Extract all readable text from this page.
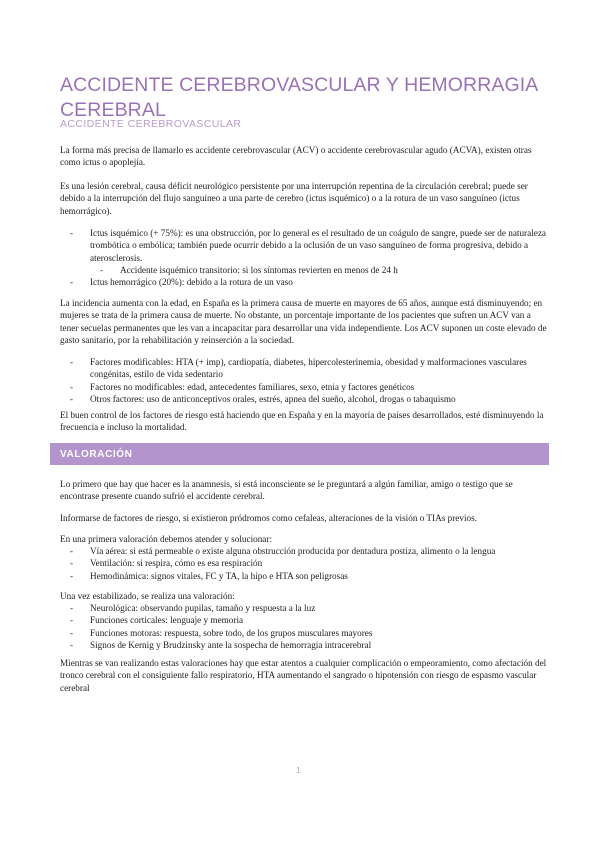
ACCIDENTE CEREBROVASCULAR Y HEMORRAGIA CEREBRAL
ACCIDENTE CEREBROVASCULAR

La forma más precisa de llamarlo es accidente cerebrovascular (ACV) o accidente cerebrovascular agudo (ACVA), existen otras como ictus o apoplejía.

Es una lesión cerebral, causa déficit neurológico persistente por una interrupción repentina de la circulación cerebral; puede ser debido a la interrupción del flujo sanguíneo a una parte de cerebro (ictus isquémico) o a la rotura de un vaso sanguíneo (ictus hemorrágico).

- Ictus isquémico (+ 75%): es una obstrucción, por lo general es el resultado de un coágulo de sangre, puede ser de naturaleza trombótica o embólica; también puede ocurrir debido a la oclusión de un vaso sanguíneo de forma progresiva, debido a aterosclerosis.
- Accidente isquémico transitorio: si los síntomas revierten en menos de 24 h
- Ictus hemorrágico (20%): debido a la rotura de un vaso

La incidencia aumenta con la edad, en España es la primera causa de muerte en mayores de 65 años, aunque está disminuyendo; en mujeres se trata de la primera causa de muerte. No obstante, un porcentaje importante de los pacientes que sufren un ACV van a tener secuelas permanentes que les van a incapacitar para desarrollar una vida independiente. Los ACV suponen un coste elevado de gasto sanitario, por la rehabilitación y reinserción a la sociedad.

- Factores modificables: HTA (+ imp), cardiopatía, diabetes, hipercolesterinemia, obesidad y malformaciones vasculares congénitas, estilo de vida sedentario
- Factores no modificables: edad, antecedentes familiares, sexo, etnia y factores genéticos
- Otros factores: uso de anticonceptivos orales, estrés, apnea del sueño, alcohol, drogas o tabaquismo

El buen control de los factores de riesgo está haciendo que en España y en la mayoría de países desarrollados, esté disminuyendo la frecuencia e incluso la mortalidad.

VALORACIÓN

Lo primero que hay que hacer es la anamnesis, si está inconsciente se le preguntará a algún familiar, amigo o testigo que se encontrase presente cuando sufrió el accidente cerebral.

Informarse de factores de riesgo, si existieron pródromos como cefaleas, alteraciones de la visión o TIAs previos.

En una primera valoración debemos atender y solucionar:

- Vía aérea: si está permeable o existe alguna obstrucción producida por dentadura postiza, alimento o la lengua
- Ventilación: si respira, cómo es esa respiración
- Hemodinámica: signos vitales, FC y TA, la hipo e HTA son peligrosas

Una vez estabilizado, se realiza una valoración:

- Neurológica: observando pupilas, tamaño y respuesta a la luz
- Funciones corticales: lenguaje y memoria
- Funciones motoras: respuesta, sobre todo, de los grupos musculares mayores
- Signos de Kernig y Brudzinsky ante la sospecha de hemorragia intracerebral

Mientras se van realizando estas valoraciones hay que estar atentos a cualquier complicación o empeoramiento, como afectación del tronco cerebral con el consiguiente fallo respiratorio, HTA aumentando el sangrado o hipotensión con riesgo de espasmo vascular cerebral

1
